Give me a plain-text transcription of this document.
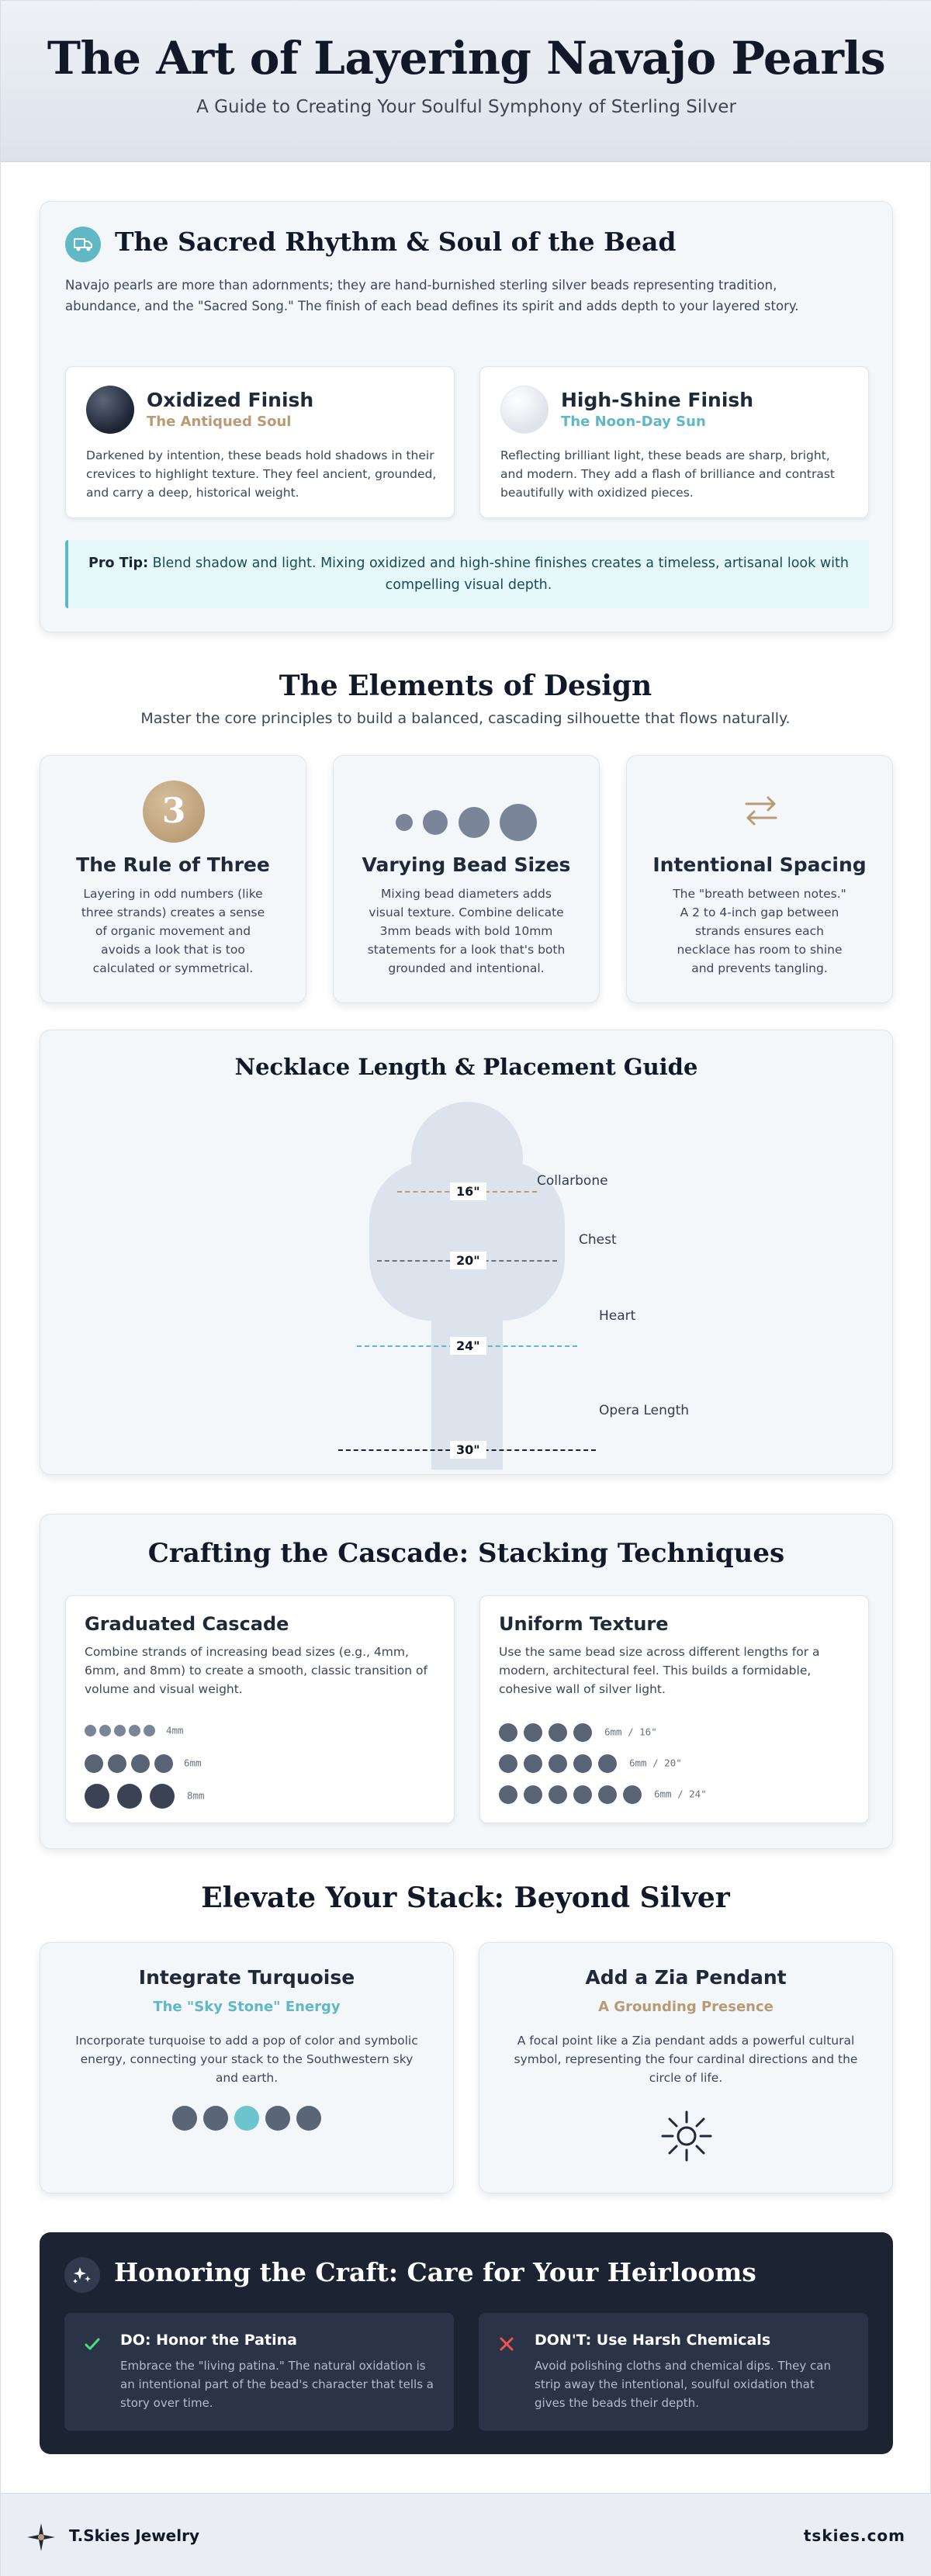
The Art of Layering Navajo Pearls

A Guide to Creating Your Soulful Symphony of Sterling Silver

The Sacred Rhythm & Soul of the Bead
Navajo pearls are more than adornments; they are hand-burnished sterling silver beads representing tradition, abundance, and the "Sacred Song." The finish of each bead defines its spirit and adds depth to your layered story.
Oxidized Finish
The Antiqued Soul
Darkened by intention, these beads hold shadows in their crevices to highlight texture. They feel ancient, grounded, and carry a deep, historical weight.
High-Shine Finish
The Noon-Day Sun
Reflecting brilliant light, these beads are sharp, bright, and modern. They add a flash of brilliance and contrast beautifully with oxidized pieces.
Pro Tip: Blend shadow and light. Mixing oxidized and high-shine finishes creates a timeless, artisanal look with compelling visual depth.
The Elements of Design
Master the core principles to build a balanced, cascading silhouette that flows naturally.
3
The Rule of Three
Layering in odd numbers (like three strands) creates a sense of organic movement and avoids a look that is too calculated or symmetrical.

Varying Bead Sizes
Mixing bead diameters adds visual texture. Combine delicate 3mm beads with bold 10mm statements for a look that's both grounded and intentional.
Intentional Spacing
The "breath between notes." A 2 to 4-inch gap between strands ensures each necklace has room to shine and prevents tangling.
Necklace Length & Placement Guide
16"
Collarbone
20"
Chest
24"
Heart
30"
Opera Length
Crafting the Cascade: Stacking Techniques
Graduated Cascade
Combine strands of increasing bead sizes (e.g., 4mm, 6mm, and 8mm) to create a smooth, classic transition of volume and visual weight.
4mm
6mm
8mm
Uniform Texture
Use the same bead size across different lengths for a modern, architectural feel. This builds a formidable, cohesive wall of silver light.
6mm / 16"
6mm / 20"
6mm / 24"
Elevate Your Stack: Beyond Silver
Integrate Turquoise
The "Sky Stone" Energy
Incorporate turquoise to add a pop of color and symbolic energy, connecting your stack to the Southwestern sky and earth.
Add a Zia Pendant
A Grounding Presence
A focal point like a Zia pendant adds a powerful cultural symbol, representing the four cardinal directions and the circle of life.
Honoring the Craft: Care for Your Heirlooms
DO: Honor the Patina
Embrace the "living patina." The natural oxidation is an intentional part of the bead's character that tells a story over time.
DON'T: Use Harsh Chemicals
Avoid polishing cloths and chemical dips. They can strip away the intentional, soulful oxidation that gives the beads their depth.
T.Skies Jewelry	tskies.com
